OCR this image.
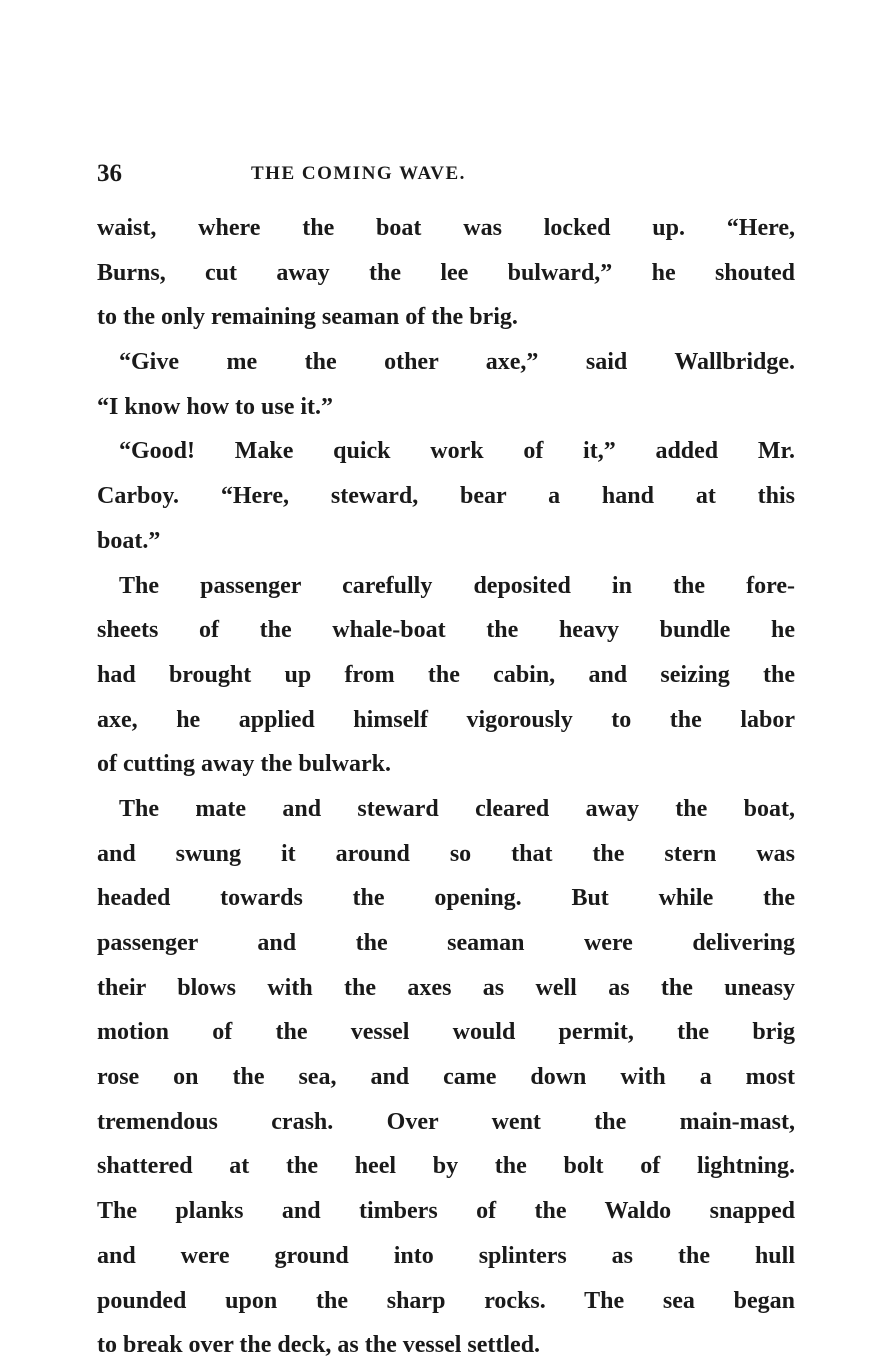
36	THE COMING WAVE.
waist, where the boat was locked up. “Here,
Burns, cut away the lee bulward,” he shouted
to the only remaining seaman of the brig.
“Give me the other axe,” said Wallbridge.
“I know how to use it.”
“Good! Make quick work of it,” added Mr.
Carboy. “Here, steward, bear a hand at this
boat.”
The passenger carefully deposited in the fore-
sheets of the whale-boat the heavy bundle he
had brought up from the cabin, and seizing the
axe, he applied himself vigorously to the labor
of cutting away the bulwark.
The mate and steward cleared away the boat,
and swung it around so that the stern was
headed towards the opening. But while the
passenger and the seaman were delivering
their blows with the axes as well as the uneasy
motion of the vessel would permit, the brig
rose on the sea, and came down with a most
tremendous crash. Over went the main-mast,
shattered at the heel by the bolt of lightning.
The planks and timbers of the Waldo snapped
and were ground into splinters as the hull
pounded upon the sharp rocks. The sea began
to break over the deck, as the vessel settled.
